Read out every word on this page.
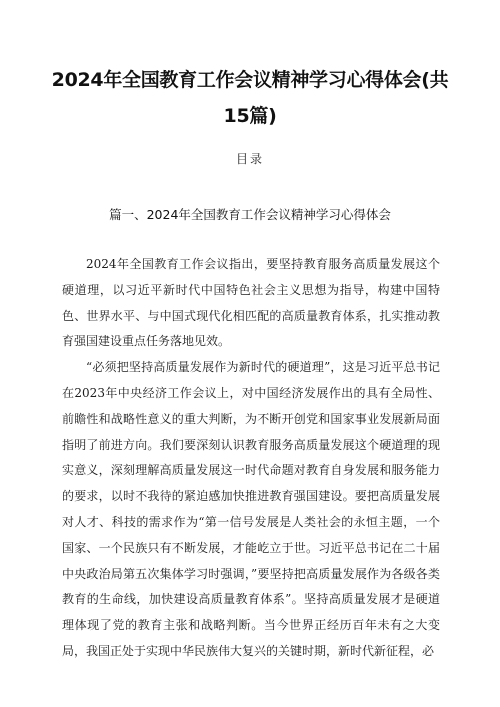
2024年全国教育工作会议精神学习心得体会(共15篇)
目录
篇一、2024年全国教育工作会议精神学习心得体会

2024年全国教育工作会议指出，要坚持教育服务高质量发展这个硬道理，以习近平新时代中国特色社会主义思想为指导，构建中国特色、世界水平、与中国式现代化相匹配的高质量教育体系，扎实推动教育强国建设重点任务落地见效。

“必须把坚持高质量发展作为新时代的硬道理”，这是习近平总书记在2023年中央经济工作会议上，对中国经济发展作出的具有全局性、前瞻性和战略性意义的重大判断，为不断开创党和国家事业发展新局面指明了前进方向。我们要深刻认识教育服务高质量发展这个硬道理的现实意义，深刻理解高质量发展这一时代命题对教育自身发展和服务能力的要求，以时不我待的紧迫感加快推进教育强国建设。要把高质量发展对人才、科技的需求作为“第一信号发展是人类社会的永恒主题，一个国家、一个民族只有不断发展，才能屹立于世。习近平总书记在二十届中央政治局第五次集体学习时强调，”要坚持把高质量发展作为各级各类教育的生命线，加快建设高质量教育体系”。坚持高质量发展才是硬道理体现了党的教育主张和战略判断。当今世界正经历百年未有之大变局，我国正处于实现中华民族伟大复兴的关键时期，新时代新征程，必
